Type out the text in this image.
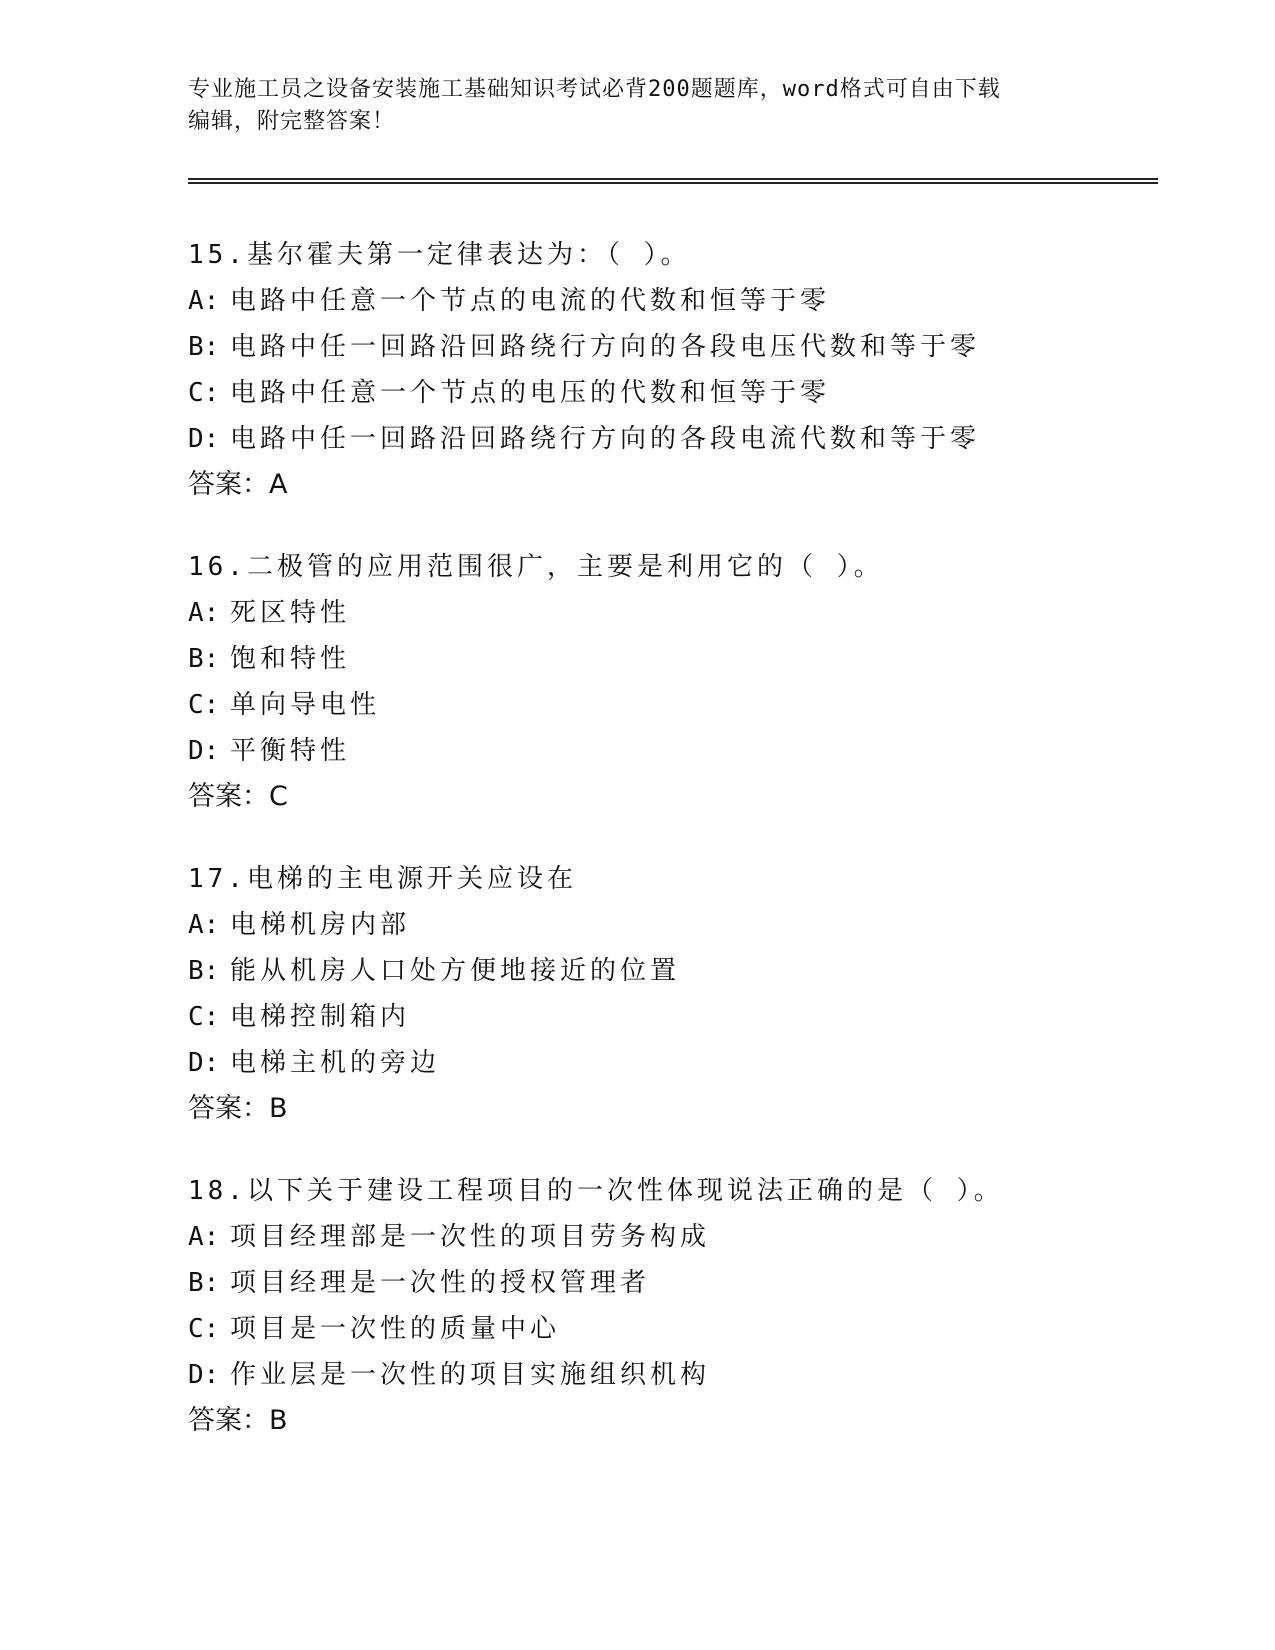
专业施工员之设备安装施工基础知识考试必背200题题库，word格式可自由下载
编辑，附完整答案！
15.基尔霍夫第一定律表达为：（ ）。
A: 电路中任意一个节点的电流的代数和恒等于零
B: 电路中任一回路沿回路绕行方向的各段电压代数和等于零
C: 电路中任意一个节点的电压的代数和恒等于零
D: 电路中任一回路沿回路绕行方向的各段电流代数和等于零
答案：A
16.二极管的应用范围很广，主要是利用它的（ ）。
A: 死区特性
B: 饱和特性
C: 单向导电性
D: 平衡特性
答案：C
17.电梯的主电源开关应设在
A: 电梯机房内部
B: 能从机房人口处方便地接近的位置
C: 电梯控制箱内
D: 电梯主机的旁边
答案：B
18.以下关于建设工程项目的一次性体现说法正确的是（ ）。
A: 项目经理部是一次性的项目劳务构成
B: 项目经理是一次性的授权管理者
C: 项目是一次性的质量中心
D: 作业层是一次性的项目实施组织机构
答案：B
